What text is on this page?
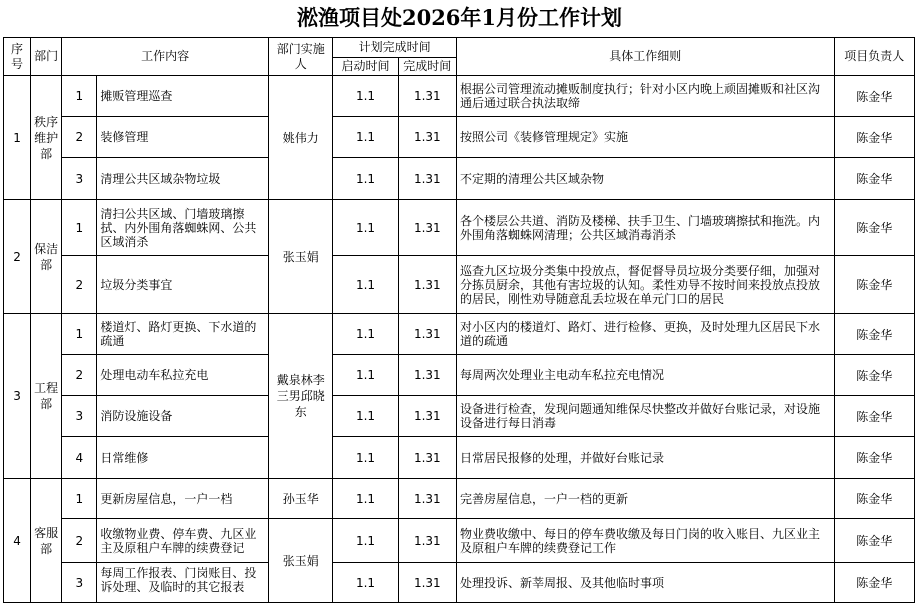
淞渔项目处2026年1月份工作计划
序号	部门	工作内容		部门实施人	计划完成时间		具体工作细则	项目负责人
					启动时间	完成时间		
1	秩序维护部	1	摊贩管理巡查	姚伟力	1.1	1.31	根据公司管理流动摊贩制度执行；针对小区内晚上顽固摊贩和社区沟通后通过联合执法取缔	陈金华
		2	装修管理		1.1	1.31	按照公司《装修管理规定》实施	陈金华
		3	清理公共区域杂物垃圾		1.1	1.31	不定期的清理公共区域杂物	陈金华
2	保洁部	1	清扫公共区域、门墙玻璃擦拭、内外围角落蜘蛛网、公共区域消杀	张玉娟	1.1	1.31	各个楼层公共道、消防及楼梯、扶手卫生、门墙玻璃擦拭和拖洗。内外围角落蜘蛛网清理；公共区域消毒消杀	陈金华
		2	垃圾分类事宜		1.1	1.31	巡查九区垃圾分类集中投放点，督促督导员垃圾分类要仔细，加强对分拣员厨余，其他有害垃圾的认知。柔性劝导不按时间来投放点投放的居民，刚性劝导随意乱丢垃圾在单元门口的居民	陈金华
3	工程部	1	楼道灯、路灯更换、下水道的疏通	戴泉林李三男邱晓东	1.1	1.31	对小区内的楼道灯、路灯、进行检修、更换，及时处理九区居民下水道的疏通	陈金华
		2	处理电动车私拉充电		1.1	1.31	每周两次处理业主电动车私拉充电情况	陈金华
		3	消防设施设备		1.1	1.31	设备进行检查，发现问题通知维保尽快整改并做好台账记录，对设施设备进行每日消毒	陈金华
		4	日常维修		1.1	1.31	日常居民报修的处理，并做好台账记录	陈金华
4	客服部	1	更新房屋信息，一户一档	孙玉华	1.1	1.31	完善房屋信息，一户一档的更新	陈金华
		2	收缴物业费、停车费、九区业主及原租户车牌的续费登记	张玉娟	1.1	1.31	物业费收缴中、每日的停车费收缴及每日门岗的收入账目、九区业主及原租户车牌的续费登记工作	陈金华
		3	每周工作报表、门岗账目、投诉处理、及临时的其它报表		1.1	1.31	处理投诉、新莘周报、及其他临时事项	陈金华
